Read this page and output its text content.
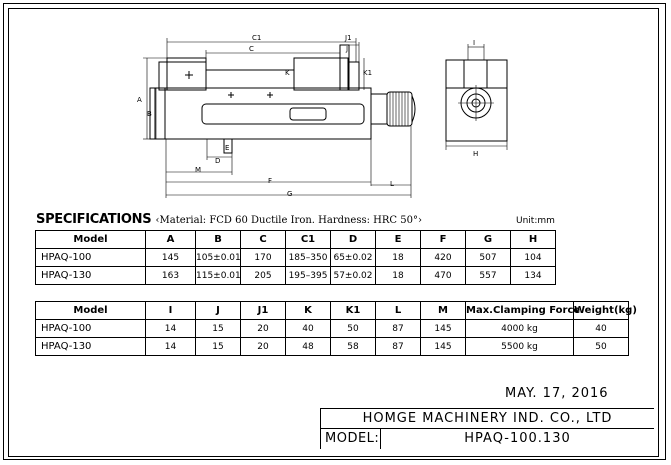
C1
C
J1
J
K	K1
A
B
D
E
M
F
G
L
I
H
SPECIFICATIONS ‹Material: FCD 60 Ductile Iron. Hardness: HRC 50°›	Unit:mm
Model	A	B	C	C1	D	E	F	G	H
HPAQ-100	145	105±0.01	170	185–350	65±0.02	18	420	507	104
HPAQ-130	163	115±0.01	205	195–395	57±0.02	18	470	557	134
Model	I	J	J1	K	K1	L	M	Max.Clamping Force	Weight(kg)
HPAQ-100	14	15	20	40	50	87	145	4000 kg	40
HPAQ-130	14	15	20	48	58	87	145	5500 kg	50
MAY. 17, 2016
HOMGE MACHINERY IND. CO., LTD
MODEL:	HPAQ-100.130
